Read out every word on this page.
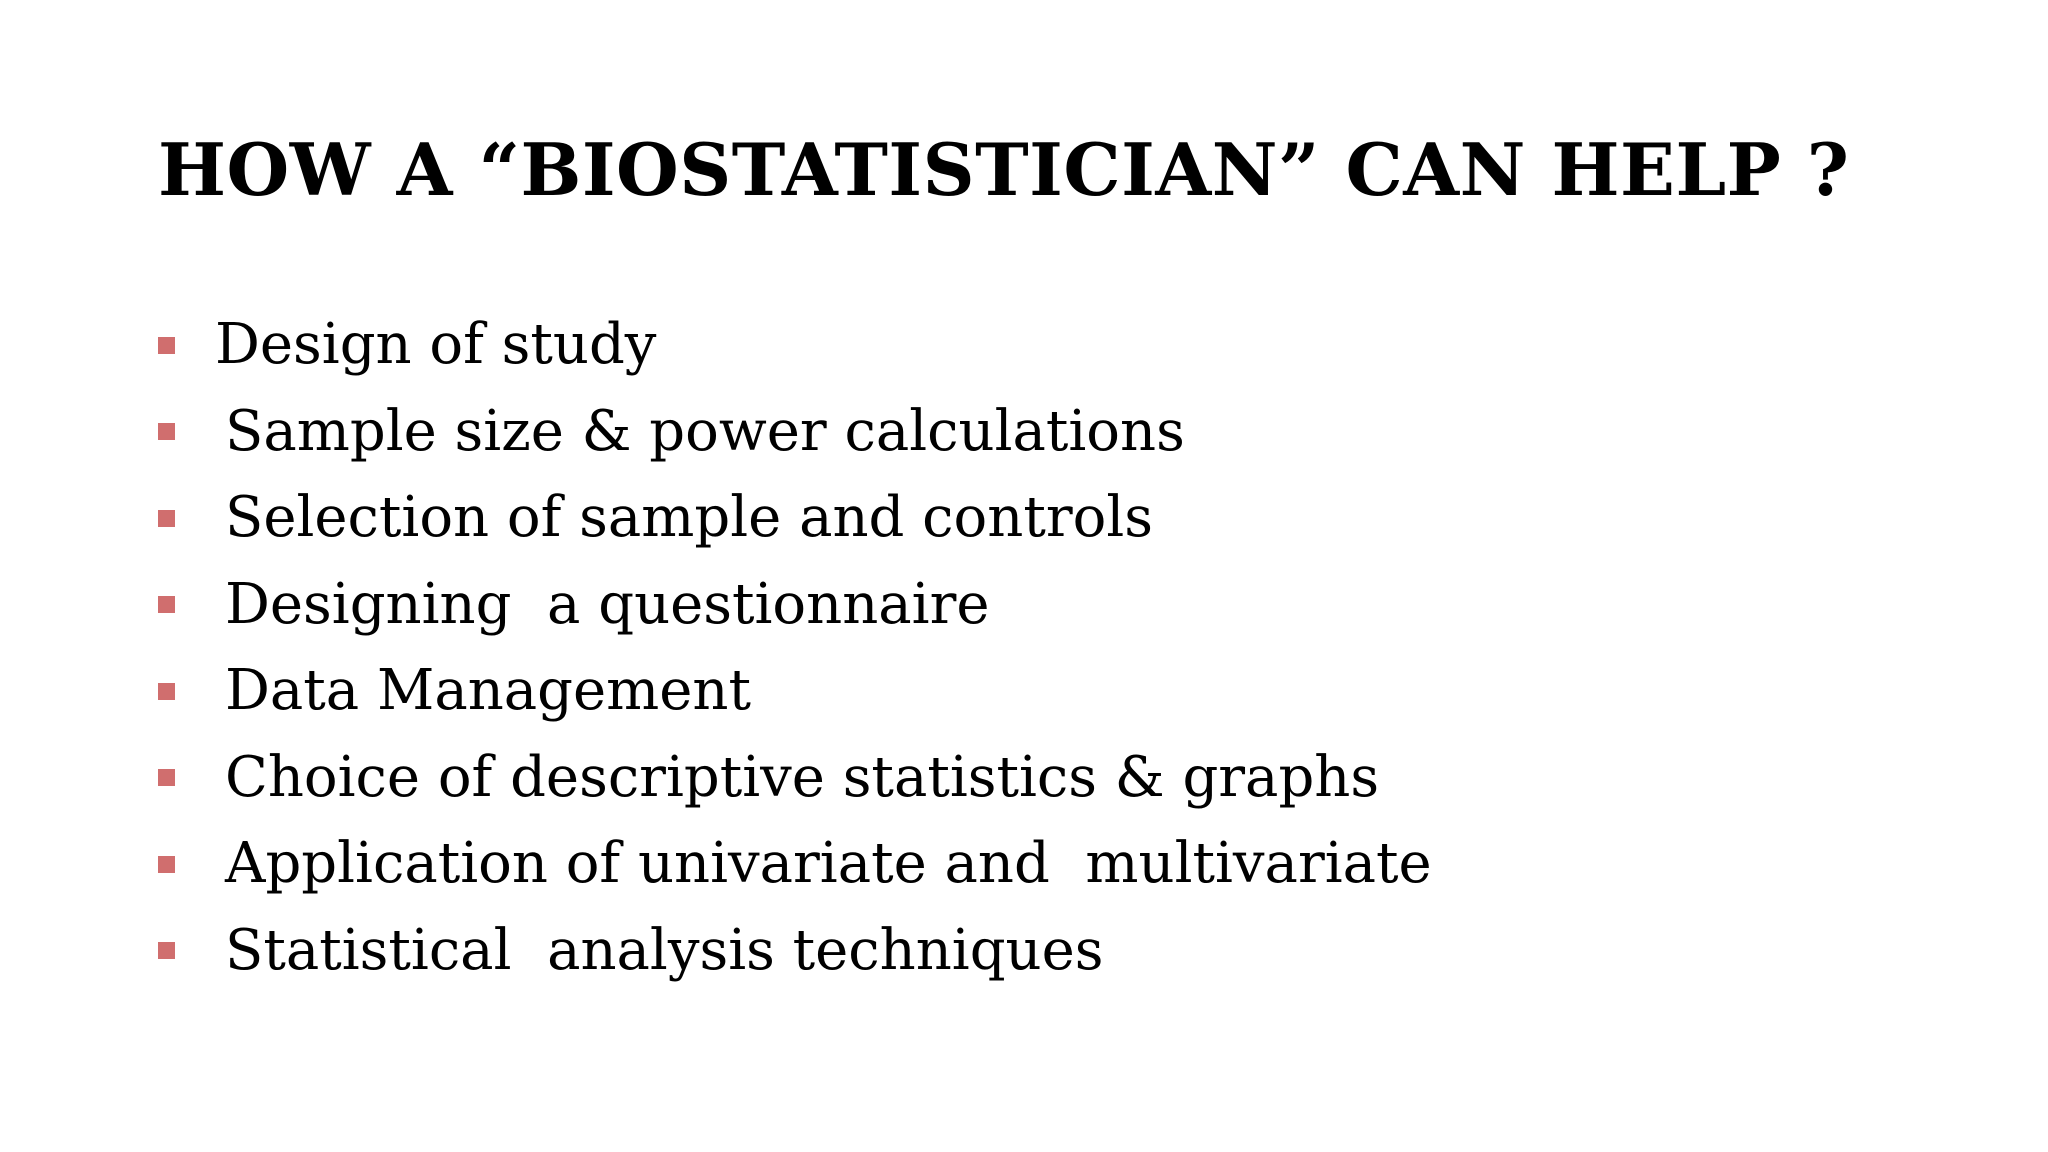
HOW A “BIOSTATISTICIAN” CAN HELP ?
Design of study
Sample size & power calculations
Selection of sample and controls
Designing  a questionnaire
Data Management
Choice of descriptive statistics & graphs
Application of univariate and  multivariate
Statistical  analysis techniques
